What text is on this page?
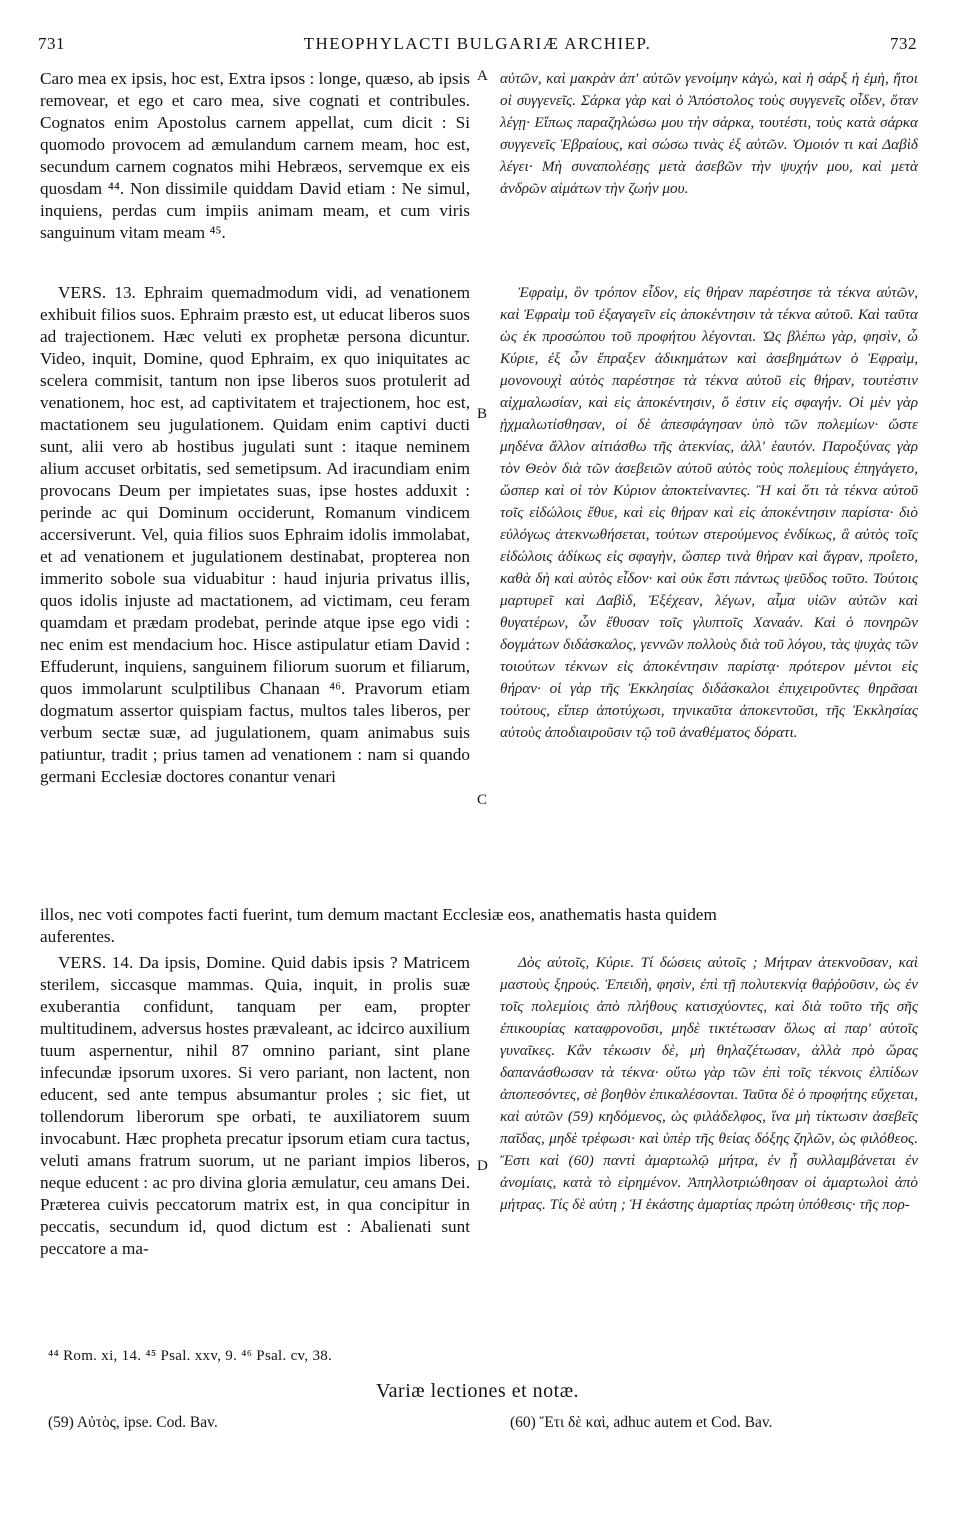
731	THEOPHYLACTI BULGARIÆ ARCHIEP.	732

Caro mea ex ipsis, hoc est, Extra ipsos : longe, quæso, ab ipsis removear, et ego et caro mea, sive cognati et contribules. Cognatos enim Apostolus carnem appellat, cum dicit : Si quomodo provocem ad æmulandum carnem meam, hoc est, secundum carnem cognatos mihi Hebræos, servemque ex eis quosdam ⁴⁴. Non dissimile quiddam David etiam : Ne simul, inquiens, perdas cum impiis animam meam, et cum viris sanguinum vitam meam ⁴⁵.

VERS. 13. Ephraim quemadmodum vidi, ad venationem exhibuit filios suos. Ephraim præsto est, ut educat liberos suos ad trajectionem. Hæc veluti ex prophetæ persona dicuntur. Video, inquit, Domine, quod Ephraim, ex quo iniquitates ac scelera commisit, tantum non ipse liberos suos protulerit ad venationem, hoc est, ad captivitatem et trajectionem, hoc est, mactationem seu jugulationem. Quidam enim captivi ducti sunt, alii vero ab hostibus jugulati sunt : itaque neminem alium accuset orbitatis, sed semetipsum. Ad iracundiam enim provocans Deum per impietates suas, ipse hostes adduxit : perinde ac qui Dominum occiderunt, Romanum vindicem accersiverunt. Vel, quia filios suos Ephraim idolis immolabat, et ad venationem et jugulationem destinabat, propterea non immerito sobole sua viduabitur : haud injuria privatus illis, quos idolis injuste ad mactationem, ad victimam, ceu feram quamdam et prædam prodebat, perinde atque ipse ego vidi : nec enim est mendacium hoc. Hisce astipulatur etiam David : Effuderunt, inquiens, sanguinem filiorum suorum et filiarum, quos immolarunt sculptilibus Chanaan ⁴⁶. Pravorum etiam dogmatum assertor quispiam factus, multos tales liberos, per verbum sectæ suæ, ad jugulationem, quam animabus suis patiuntur, tradit ; prius tamen ad venationem : nam si quando germani Ecclesiæ doctores conantur venari

αὐτῶν, καὶ μακρὰν ἀπ' αὐτῶν γενοίμην κἀγὼ, καὶ ἡ σάρξ ἡ ἐμὴ, ἤτοι οἱ συγγενεῖς. Σάρκα γὰρ καὶ ὁ Ἀπόστολος τοὺς συγγενεῖς οἶδεν, ὅταν λέγῃ· Εἴπως παραζηλώσω μου τὴν σάρκα, τουτέστι, τοὺς κατὰ σάρκα συγγενεῖς Ἑβραίους, καὶ σώσω τινὰς ἐξ αὐτῶν. Ὁμοιόν τι καὶ Δαβὶδ λέγει· Μὴ συναπολέσῃς μετὰ ἀσεβῶν τὴν ψυχήν μου, καὶ μετὰ ἀνδρῶν αἱμάτων τὴν ζωήν μου.

Ἐφραὶμ, ὃν τρόπον εἶδον, εἰς θήραν παρέστησε τὰ τέκνα αὐτῶν, καὶ Ἐφραὶμ τοῦ ἐξαγαγεῖν εἰς ἀποκέντησιν τὰ τέκνα αὐτοῦ. Καὶ ταῦτα ὡς ἐκ προσώπου τοῦ προφήτου λέγονται. Ὡς βλέπω γὰρ, φησὶν, ὦ Κύριε, ἐξ ὧν ἔπραξεν ἀδικημάτων καὶ ἀσεβημάτων ὁ Ἐφραὶμ, μονονουχὶ αὐτὸς παρέστησε τὰ τέκνα αὐτοῦ εἰς θήραν, τουτέστιν αἰχμαλωσίαν, καὶ εἰς ἀποκέντησιν, ὅ ἐστιν εἰς σφαγήν. Οἱ μὲν γὰρ ᾐχμαλωτίσθησαν, οἱ δὲ ἀπεσφάγησαν ὑπὸ τῶν πολεμίων· ὥστε μηδένα ἄλλον αἰτιάσθω τῆς ἀτεκνίας, ἀλλ' ἑαυτόν. Παροξύνας γὰρ τὸν Θεὸν διὰ τῶν ἀσεβειῶν αὐτοῦ αὐτὸς τοὺς πολεμίους ἐπηγάγετο, ὥσπερ καὶ οἱ τὸν Κύριον ἀποκτείναντες. Ἢ καὶ ὅτι τὰ τέκνα αὐτοῦ τοῖς εἰδώλοις ἔθυε, καὶ εἰς θήραν καὶ εἰς ἀποκέντησιν παρίστα· διὸ εὐλόγως ἀτεκνωθήσεται, τούτων στερούμενος ἐνδίκως, ἃ αὐτὸς τοῖς εἰδώλοις ἀδίκως εἰς σφαγὴν, ὥσπερ τινὰ θήραν καὶ ἄγραν, προΐετο, καθὰ δὴ καὶ αὐτὸς εἶδον· καὶ οὐκ ἔστι πάντως ψεῦδος τοῦτο. Τούτοις μαρτυρεῖ καὶ Δαβὶδ, Ἐξέχεαν, λέγων, αἷμα υἱῶν αὐτῶν καὶ θυγατέρων, ὧν ἔθυσαν τοῖς γλυπτοῖς Χαναάν. Καὶ ὁ πονηρῶν δογμάτων διδάσκαλος, γεννῶν πολλοὺς διὰ τοῦ λόγου, τὰς ψυχὰς τῶν τοιούτων τέκνων εἰς ἀποκέντησιν παρίστᾳ· πρότερον μέντοι εἰς θήραν· οἱ γὰρ τῆς Ἐκκλησίας διδάσκαλοι ἐπιχειροῦντες θηρᾶσαι τούτους, εἴπερ ἀποτύχωσι, τηνικαῦτα ἀποκεντοῦσι, τῆς Ἐκκλησίας αὐτοὺς ἀποδιαιροῦσιν τῷ τοῦ ἀναθέματος δόρατι.

A
B
C
D
illos, nec voti compotes facti fuerint, tum demum mactant Ecclesiæ eos, anathematis hasta quidem
auferentes.

VERS. 14. Da ipsis, Domine. Quid dabis ipsis ? Matricem sterilem, siccasque mammas. Quia, inquit, in prolis suæ exuberantia confidunt, tanquam per eam, propter multitudinem, adversus hostes prævaleant, ac idcirco auxilium tuum aspernentur, nihil 87 omnino pariant, sint plane infecundæ ipsorum uxores. Si vero pariant, non lactent, non educent, sed ante tempus absumantur proles ; sic fiet, ut tollendorum liberorum spe orbati, te auxiliatorem suum invocabunt. Hæc propheta precatur ipsorum etiam cura tactus, veluti amans fratrum suorum, ut ne pariant impios liberos, neque educent : ac pro divina gloria æmulatur, ceu amans Dei. Præterea cuivis peccatorum matrix est, in qua concipitur in peccatis, secundum id, quod dictum est : Abalienati sunt peccatore a ma-

Δὸς αὐτοῖς, Κύριε. Τί δώσεις αὐτοῖς ; Μήτραν ἀτεκνοῦσαν, καὶ μαστοὺς ξηρούς. Ἐπειδὴ, φησὶν, ἐπὶ τῇ πολυτεκνίᾳ θαῤῥοῦσιν, ὡς ἐν τοῖς πολεμίοις ἀπὸ πλήθους κατισχύοντες, καὶ διὰ τοῦτο τῆς σῆς ἐπικουρίας καταφρονοῦσι, μηδὲ τικτέτωσαν ὅλως αἱ παρ' αὐτοῖς γυναῖκες. Κἂν τέκωσιν δὲ, μὴ θηλαζέτωσαν, ἀλλὰ πρὸ ὥρας δαπανάσθωσαν τὰ τέκνα· οὕτω γὰρ τῶν ἐπὶ τοῖς τέκνοις ἐλπίδων ἀποπεσόντες, σὲ βοηθὸν ἐπικαλέσονται. Ταῦτα δὲ ὁ προφήτης εὔχεται, καὶ αὐτῶν (59) κηδόμενος, ὡς φιλάδελφος, ἵνα μὴ τίκτωσιν ἀσεβεῖς παῖδας, μηδὲ τρέφωσι· καὶ ὑπὲρ τῆς θείας δόξης ζηλῶν, ὡς φιλόθεος. Ἔστι καὶ (60) παντὶ ἁμαρτωλῷ μήτρα, ἐν ᾗ συλλαμβάνεται ἐν ἀνομίαις, κατὰ τὸ εἰρημένον. Ἀπηλλοτριώθησαν οἱ ἁμαρτωλοὶ ἀπὸ μήτρας. Τίς δὲ αὐτη ; Ἡ ἑκάστης ἁμαρτίας πρώτη ὑπόθεσις· τῆς πορ-

⁴⁴ Rom. xi, 14. ⁴⁵ Psal. xxv, 9. ⁴⁶ Psal. cv, 38.
Variæ lectiones et notæ.
(59) Αὐτὸς, ipse. Cod. Bav.	(60) Ἔτι δὲ καὶ, adhuc autem et Cod. Bav.
